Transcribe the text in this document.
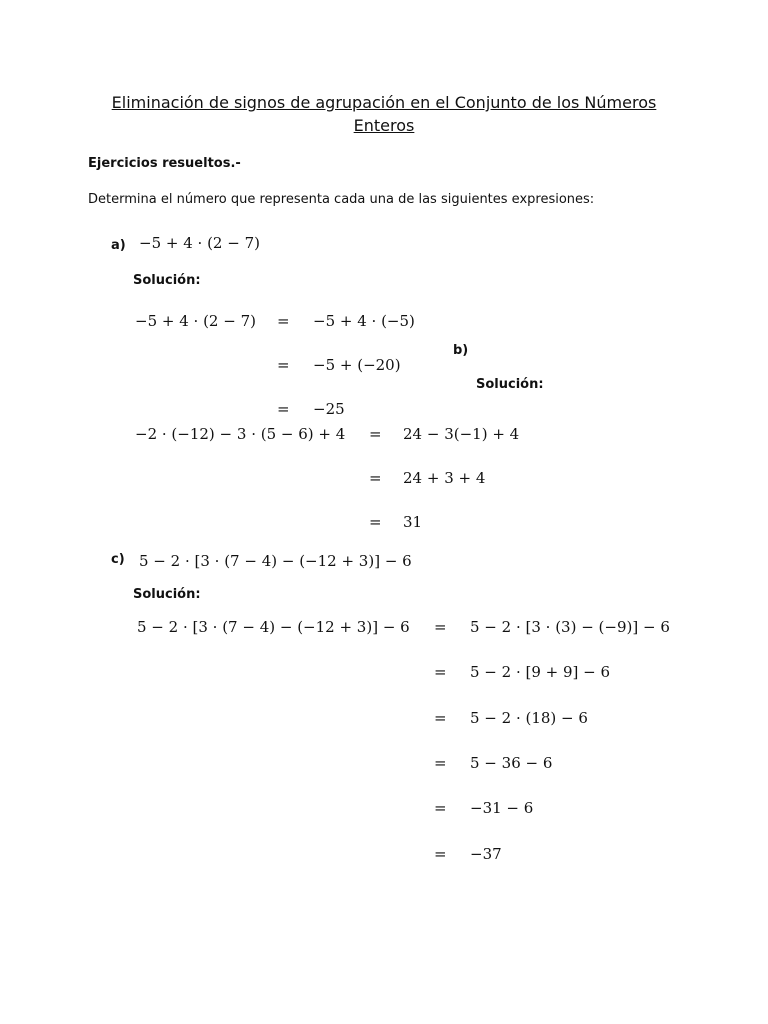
Eliminación de signos de agrupación en el Conjunto de los Números
Enteros
Ejercicios resueltos.-
Determina el número que representa cada una de las siguientes expresiones:
a) −5 + 4 · (2 − 7)
Solución:
−5 + 4 · (2 − 7) = −5 + 4 · (−5)
= −5 + (−20)
= −25
b)
Solución:
−2 · (−12) − 3 · (5 − 6) + 4 = 24 − 3(−1) + 4
= 24 + 3 + 4
= 31
c) 5 − 2 · [3 · (7 − 4) − (−12 + 3)] − 6
Solución:
5 − 2 · [3 · (7 − 4) − (−12 + 3)] − 6 = 5 − 2 · [3 · (3) − (−9)] − 6
= 5 − 2 · [9 + 9] − 6
= 5 − 2 · (18) − 6
= 5 − 36 − 6
= −31 − 6
= −37
